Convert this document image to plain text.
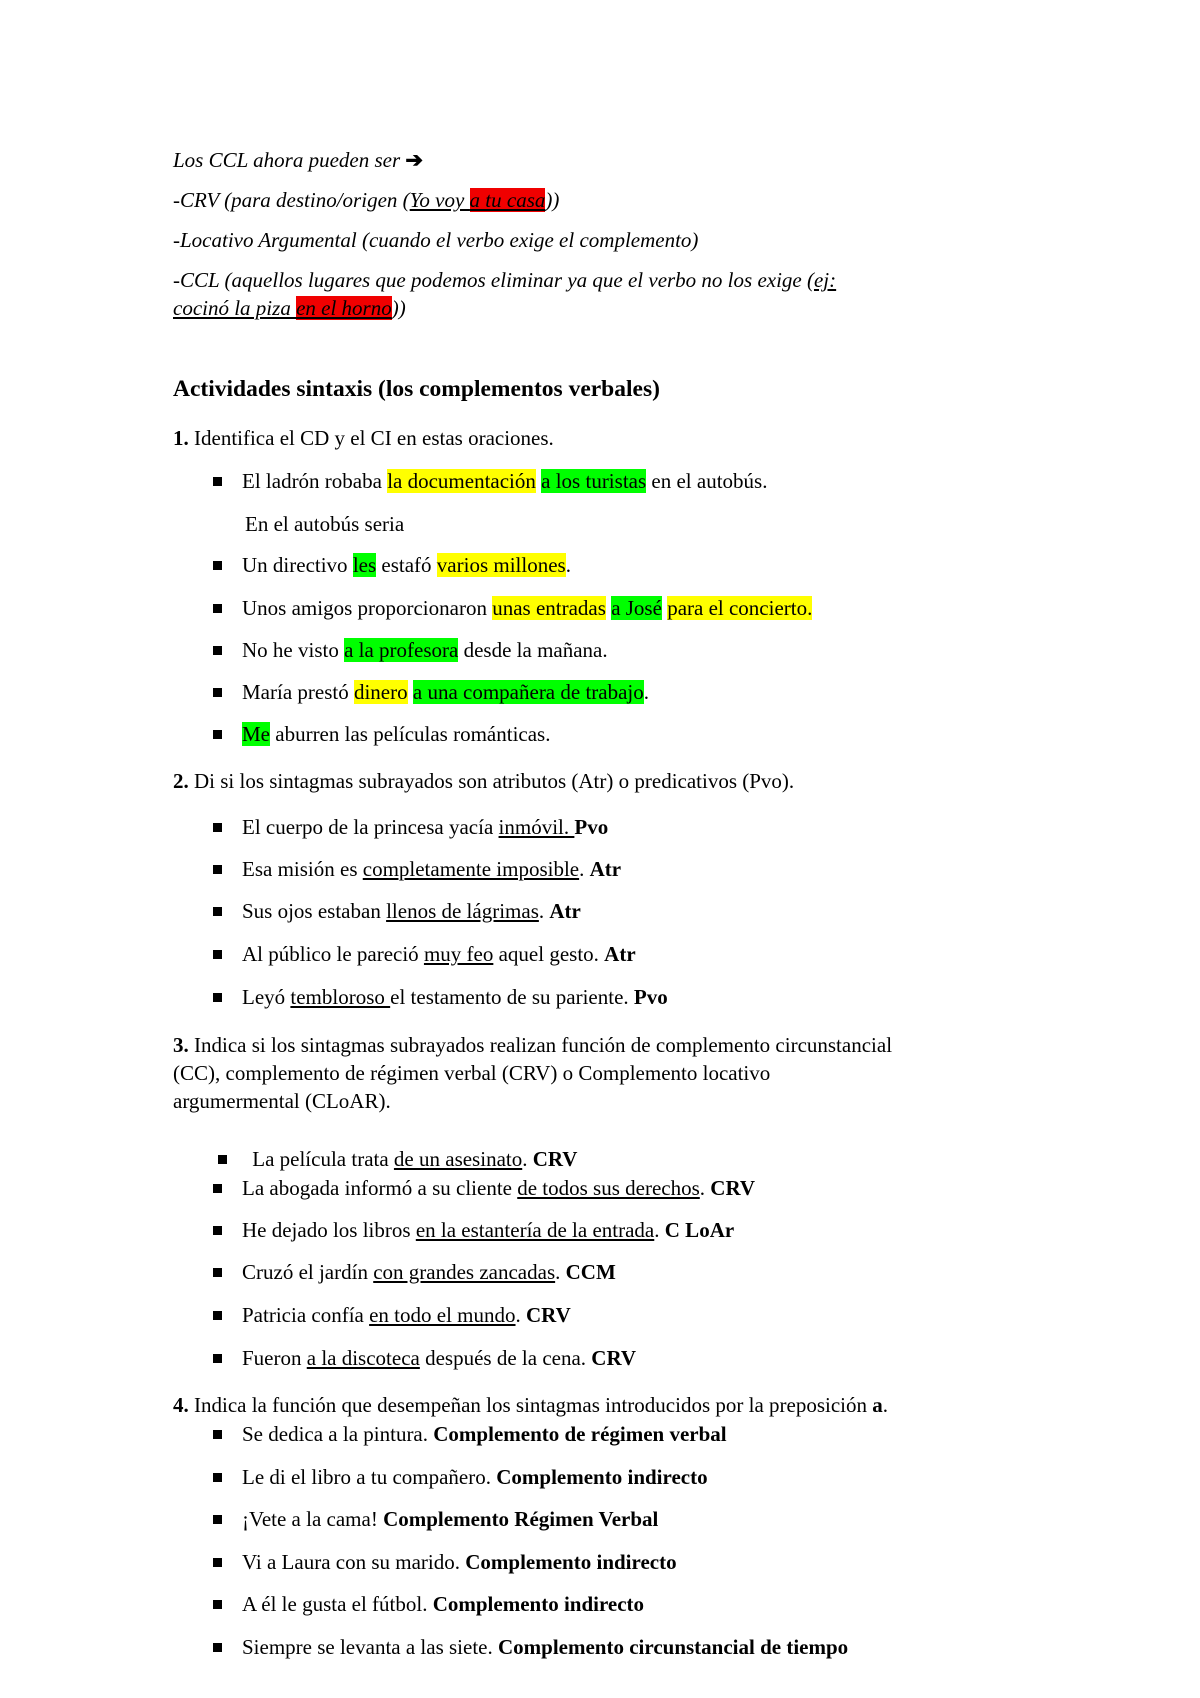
Los CCL ahora pueden ser ➔

-CRV (para destino/origen (Yo voy a tu casa))

-Locativo Argumental (cuando el verbo exige el complemento)

-CCL (aquellos lugares que podemos eliminar ya que el verbo no los exige (ej:

cocinó la piza en el horno))

Actividades sintaxis (los complementos verbales)

1. Identifica el CD y el CI en estas oraciones.

El ladrón robaba la documentación a los turistas en el autobús.
En el autobús seria
Un directivo les estafó varios millones.
Unos amigos proporcionaron unas entradas a José para el concierto.
No he visto a la profesora desde la mañana.
María prestó dinero a una compañera de trabajo.
Me aburren las películas románticas.

2. Di si los sintagmas subrayados son atributos (Atr) o predicativos (Pvo).

El cuerpo de la princesa yacía inmóvil. Pvo
Esa misión es completamente imposible. Atr
Sus ojos estaban llenos de lágrimas. Atr
Al público le pareció muy feo aquel gesto. Atr
Leyó tembloroso el testamento de su pariente. Pvo
3. Indica si los sintagmas subrayados realizan función de complemento circunstancial
(CC), complemento de régimen verbal (CRV) o Complemento locativo
argumermental (CLoAR).
La película trata de un asesinato. CRV
La abogada informó a su cliente de todos sus derechos. CRV
He dejado los libros en la estantería de la entrada. C LoAr
Cruzó el jardín con grandes zancadas. CCM
Patricia confía en todo el mundo. CRV
Fueron a la discoteca después de la cena. CRV

4. Indica la función que desempeñan los sintagmas introducidos por la preposición a.

Se dedica a la pintura. Complemento de régimen verbal
Le di el libro a tu compañero. Complemento indirecto
¡Vete a la cama! Complemento Régimen Verbal
Vi a Laura con su marido. Complemento indirecto
A él le gusta el fútbol. Complemento indirecto
Siempre se levanta a las siete. Complemento circunstancial de tiempo
